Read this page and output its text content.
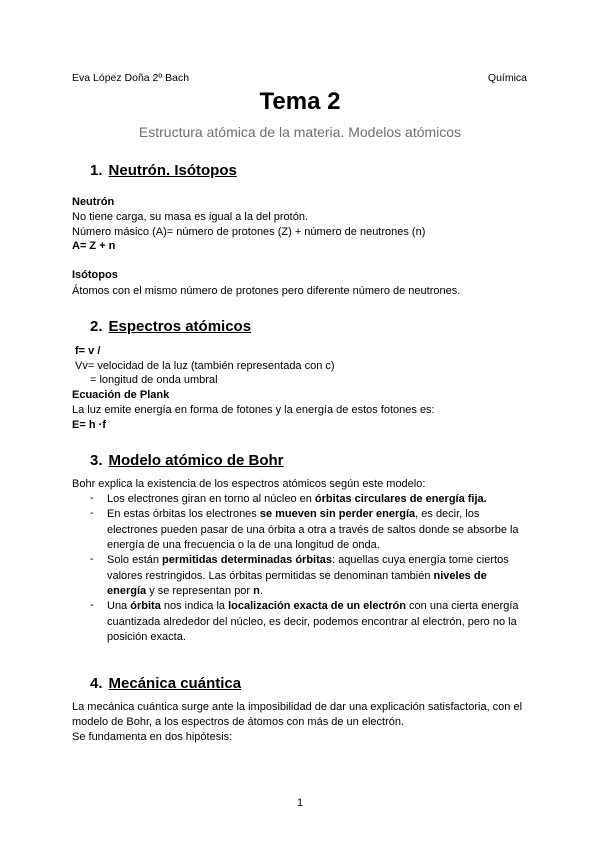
Eva López Doña 2º Bach	Química
Tema 2
Estructura atómica de la materia. Modelos atómicos
1. Neutrón. Isótopos
Neutrón
No tiene carga, su masa es igual a la del protón.
Número másico (A)= número de protones (Z) + número de neutrones (n)
A= Z + n
Isótopos
Átomos con el mismo número de protones pero diferente número de neutrones.
2. Espectros atómicos
f= v /
Vv= velocidad de la luz (también representada con c)
= longitud de onda umbral
Ecuación de Plank
La luz emite energía en forma de fotones y la energía de estos fotones es:
E= h ·f
3. Modelo atómico de Bohr
Bohr explica la existencia de los espectros atómicos según este modelo:
- Los electrones giran en torno al núcleo en órbitas circulares de energía fija.
- En estas órbitas los electrones se mueven sin perder energía, es decir, los electrones pueden pasar de una órbita a otra a través de saltos donde se absorbe la energía de una frecuencia o la de una longitud de onda.
- Solo están permitidas determinadas órbitas: aquellas cuya energía tome ciertos valores restringidos. Las órbitas permitidas se denominan también niveles de energía y se representan por n.
- Una órbita nos indica la localización exacta de un electrón con una cierta energía cuantizada alrededor del núcleo, es decir, podemos encontrar al electrón, pero no la posición exacta.
4. Mecánica cuántica
La mecánica cuántica surge ante la imposibilidad de dar una explicación satisfactoria, con el
modelo de Bohr, a los espectros de átomos con más de un electrón.
Se fundamenta en dos hipótesis:
1
